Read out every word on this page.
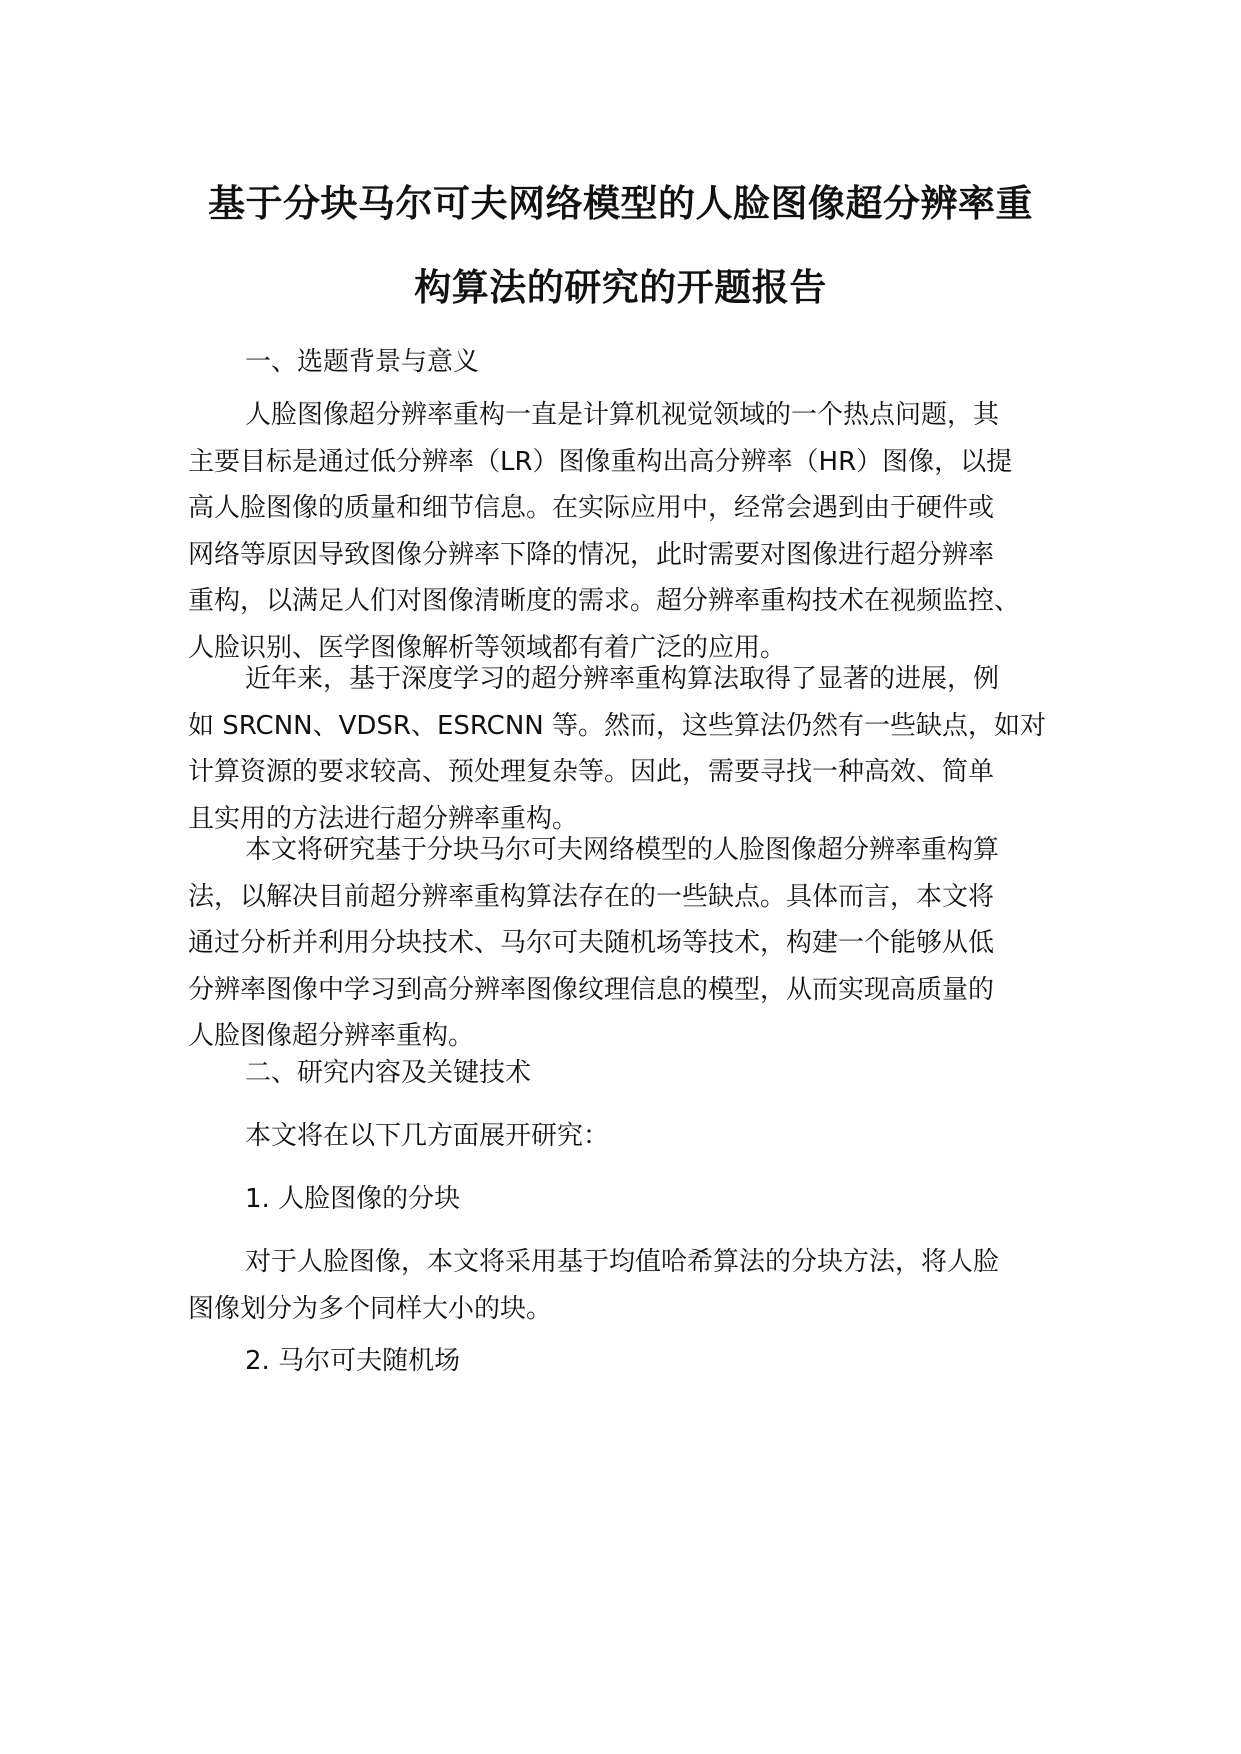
基于分块马尔可夫网络模型的人脸图像超分辨率重
构算法的研究的开题报告
一、选题背景与意义
人脸图像超分辨率重构一直是计算机视觉领域的一个热点问题，其
主要目标是通过低分辨率（LR）图像重构出高分辨率（HR）图像，以提
高人脸图像的质量和细节信息。在实际应用中，经常会遇到由于硬件或
网络等原因导致图像分辨率下降的情况，此时需要对图像进行超分辨率
重构，以满足人们对图像清晰度的需求。超分辨率重构技术在视频监控、
人脸识别、医学图像解析等领域都有着广泛的应用。
近年来，基于深度学习的超分辨率重构算法取得了显著的进展，例
如 SRCNN、VDSR、ESRCNN 等。然而，这些算法仍然有一些缺点，如对
计算资源的要求较高、预处理复杂等。因此，需要寻找一种高效、简单
且实用的方法进行超分辨率重构。
本文将研究基于分块马尔可夫网络模型的人脸图像超分辨率重构算
法，以解决目前超分辨率重构算法存在的一些缺点。具体而言，本文将
通过分析并利用分块技术、马尔可夫随机场等技术，构建一个能够从低
分辨率图像中学习到高分辨率图像纹理信息的模型，从而实现高质量的
人脸图像超分辨率重构。
二、研究内容及关键技术
本文将在以下几方面展开研究：
1. 人脸图像的分块
对于人脸图像，本文将采用基于均值哈希算法的分块方法，将人脸
图像划分为多个同样大小的块。
2. 马尔可夫随机场
